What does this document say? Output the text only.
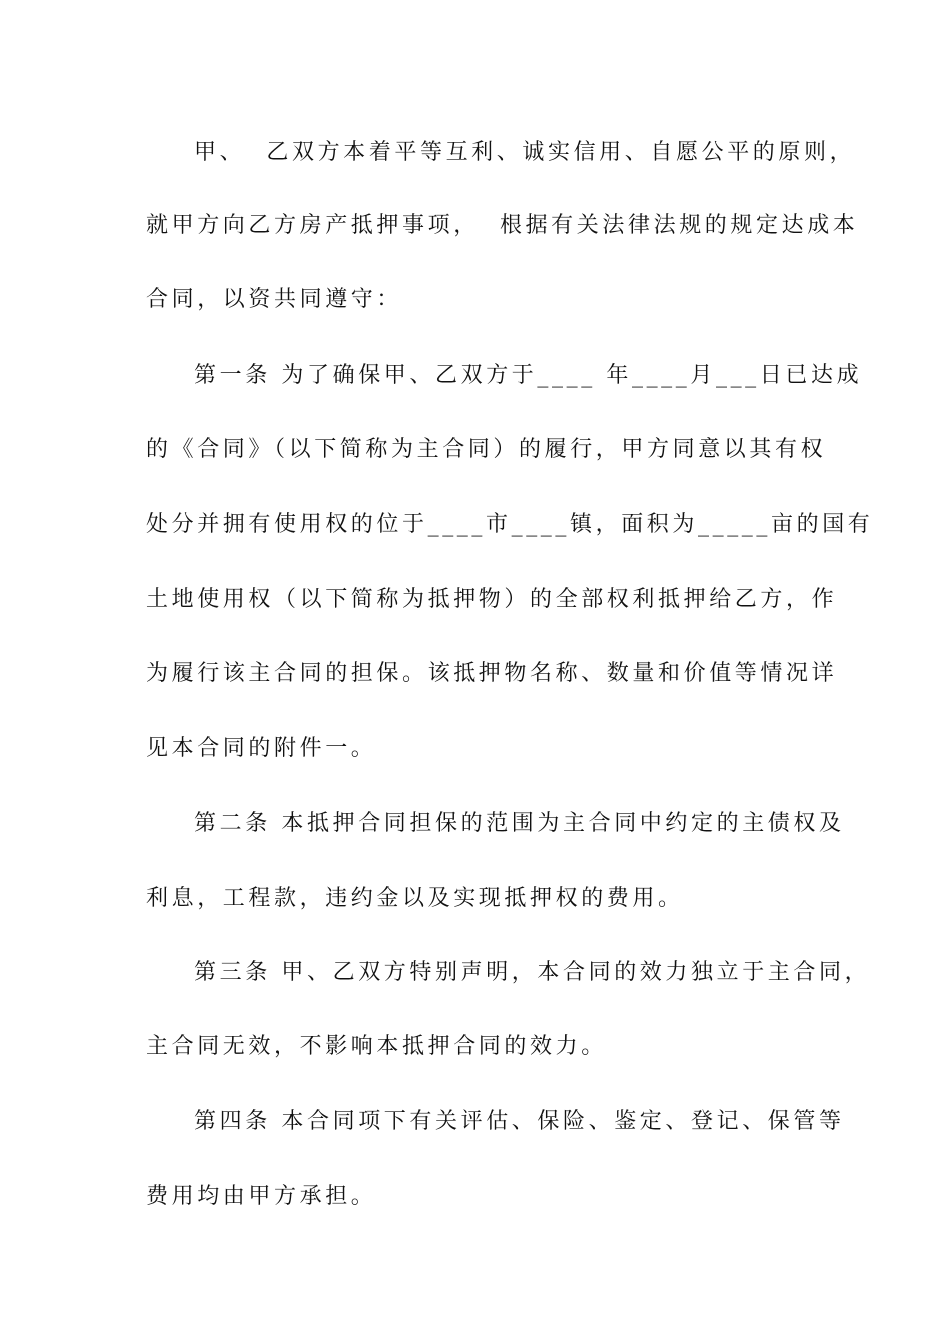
甲、  乙双方本着平等互利、诚实信用、自愿公平的原则，
就甲方向乙方房产抵押事项，  根据有关法律法规的规定达成本
合同，以资共同遵守：
第一条 为了确保甲、乙双方于____ 年____月___日已达成
的《合同》（以下简称为主合同）的履行，甲方同意以其有权
处分并拥有使用权的位于____市____镇，面积为_____亩的国有
土地使用权（以下简称为抵押物）的全部权利抵押给乙方，作
为履行该主合同的担保。该抵押物名称、数量和价值等情况详
见本合同的附件一。
第二条 本抵押合同担保的范围为主合同中约定的主债权及
利息，工程款，违约金以及实现抵押权的费用。
第三条 甲、乙双方特别声明，本合同的效力独立于主合同，
主合同无效，不影响本抵押合同的效力。
第四条 本合同项下有关评估、保险、鉴定、登记、保管等
费用均由甲方承担。
